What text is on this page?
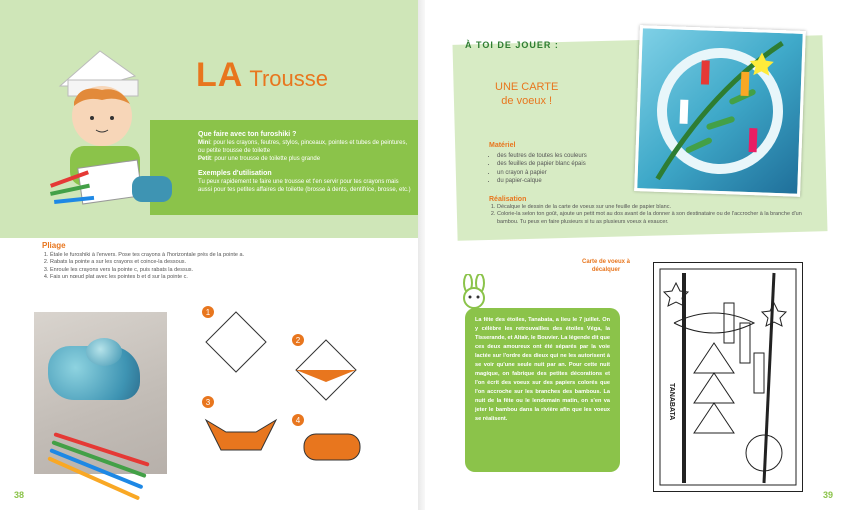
LA Trousse
Que faire avec ton furoshiki ?

Mini: pour les crayons, feutres, stylos, pinceaux, pointes et tubes de peintures, ou petite trousse de toilette

Petit: pour une trousse de toilette plus grande

Exemples d'utilisation

Tu peux rapidement te faire une trousse et t'en servir pour tes crayons mais aussi pour tes petites affaires de toilette (brosse à dents, dentifrice, brosse, etc.)

Pliage
1. Étale le furoshiki à l'envers. Pose tes crayons à l'horizontale près de la pointe a.
2. Rabats la pointe a sur les crayons et coince-la dessous.
3. Enroule les crayons vers la pointe c, puis rabats la dessus.
4. Fais un nœud plat avec les pointes b et d sur la pointe c.
1
2
3
4
38
À TOI DE JOUER :
UNE CARTE
de voeux !
Matériel
• des feutres de toutes les couleurs
• des feuilles de papier blanc épais
• un crayon à papier
• du papier-calque
Réalisation
1. Décalque le dessin de la carte de voeux sur une feuille de papier blanc.
2. Colorie-la selon ton goût, ajoute un petit mot au dos avant de la donner à son destinataire ou de l'accrocher à la branche d'un bambou. Tu peux en faire plusieurs si tu as plusieurs voeux à exaucer.
La fête des étoiles, Tanabata, a lieu le 7 juillet. On y célèbre les retrouvailles des étoiles Véga, la Tisserande, et Altaïr, le Bouvier. La légende dit que ces deux amoureux ont été séparés par la voie lactée sur l'ordre des dieux qui ne les autorisent à se voir qu'une seule nuit par an. Pour cette nuit magique, on fabrique des petites décorations et l'on écrit des voeux sur des papiers colorés que l'on accroche sur les branches des bambous. La nuit de la fête ou le lendemain matin, on s'en va jeter le bambou dans la rivière afin que les voeux se réalisent.
Carte de voeux à décalquer
TANABATA
39
